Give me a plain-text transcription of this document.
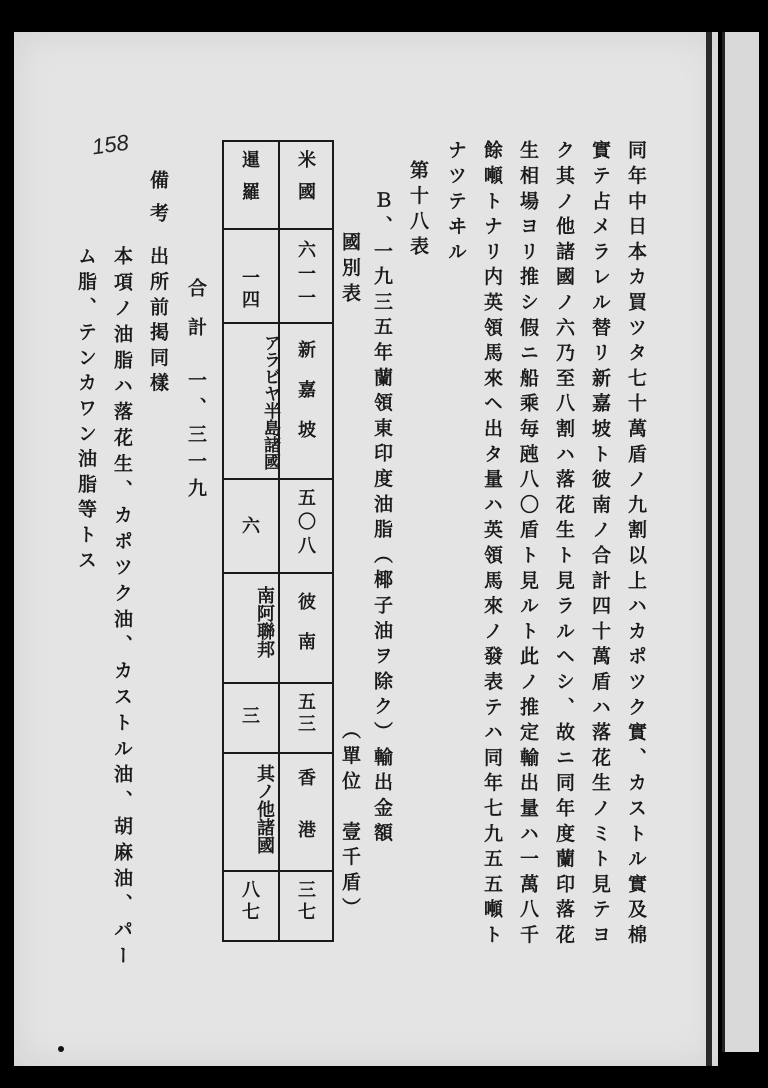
158	同年中日本カ買ツタ七十萬盾ノ九割以上ハカポツク實、カストル實及棉
實テ占メラレル替リ新嘉坡ト彼南ノ合計四十萬盾ハ落花生ノミト見テヨ
ク其ノ他諸國ノ六乃至八割ハ落花生ト見ラルヘシ、故ニ同年度蘭印落花
生相場ヨリ推シ假ニ船乘毎瓲八〇盾ト見ルト此ノ推定輸出量ハ一萬八千
餘噸トナリ内英領馬來ヘ出タ量ハ英領馬來ノ發表テハ同年七九五五噸ト
ナツテヰル
第十八表
Ｂ、一九三五年蘭領東印度油脂（椰子油ヲ除ク）輸出金額
國別表
（單位　壹千盾）
米國
六一一
新嘉坡
五〇八
彼南
五三
香港
三七
暹羅
一四
アラビヤ半島諸國
六
南阿聯邦
三
其ノ他諸國
八七
合計
一、三一九
備考
出所前掲同樣
本項ノ油脂ハ落花生、カポツク油、カストル油、胡麻油、パー
ム脂、テンカワン油脂等トス
